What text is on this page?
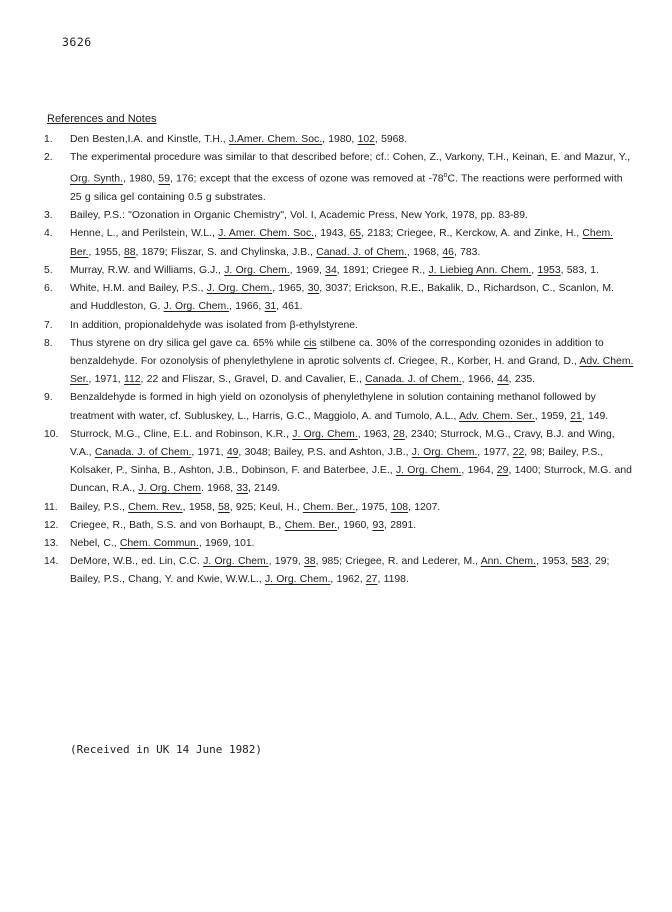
3626
References and Notes
1.	Den Besten,I.A. and Kinstle, T.H., J.Amer. Chem. Soc., 1980, 102, 5968.
2.	The experimental procedure was similar to that described before; cf.: Cohen, Z., Varkony, T.H., Keinan, E. and Mazur, Y., Org. Synth., 1980, 59, 176; except that the excess of ozone was removed at -78$^o$C. The reactions were performed with 25 g silica gel containing 0.5 g substrates.
3.	Bailey, P.S.: "Ozonation in Organic Chemistry", Vol. I, Academic Press, New York, 1978, pp. 83-89.
4.	Henne, L., and Perilstein, W.L., J. Amer. Chem. Soc., 1943, 65, 2183; Criegee, R., Kerckow, A. and Zinke, H., Chem. Ber., 1955, 88, 1879; Fliszar, S. and Chylinska, J.B., Canad. J. of Chem., 1968, 46, 783.
5.	Murray, R.W. and Williams, G.J., J. Org. Chem., 1969, 34, 1891; Criegee R., J. Liebieg Ann. Chem., 1953, 583, 1.
6.	White, H.M. and Bailey, P.S., J. Org. Chem., 1965, 30, 3037; Erickson, R.E., Bakalik, D., Richardson, C., Scanlon, M. and Huddleston, G. J. Org. Chem., 1966, 31, 461.
7.	In addition, propionaldehyde was isolated from β-ethylstyrene.
8.	Thus styrene on dry silica gel gave ca. 65% while cis stilbene ca. 30% of the corresponding ozonides in addition to benzaldehyde. For ozonolysis of phenylethylene in aprotic solvents cf. Criegee, R., Korber, H. and Grand, D., Adv. Chem. Ser., 1971, 112, 22 and Fliszar, S., Gravel, D. and Cavalier, E., Canada. J. of Chem., 1966, 44, 235.
9.	Benzaldehyde is formed in high yield on ozonolysis of phenylethylene in solution containing methanol followed by treatment with water, cf. Subluskey, L., Harris, G.C., Maggiolo, A. and Tumolo, A.L., Adv. Chem. Ser., 1959, 21, 149.
10.	Sturrock, M.G., Cline, E.L. and Robinson, K.R., J. Org. Chem., 1963, 28, 2340; Sturrock, M.G., Cravy, B.J. and Wing, V.A., Canada. J. of Chem., 1971, 49, 3048; Bailey, P.S. and Ashton, J.B., J. Org. Chem., 1977, 22, 98; Bailey, P.S., Kolsaker, P., Sinha, B., Ashton, J.B., Dobinson, F. and Baterbee, J.E., J. Org. Chem., 1964, 29, 1400; Sturrock, M.G. and Duncan, R.A., J. Org. Chem. 1968, 33, 2149.
11.	Bailey, P.S., Chem. Rev., 1958, 58, 925; Keul, H., Chem. Ber., 1975, 108, 1207.
12.	Criegee, R., Bath, S.S. and von Borhaupt, B., Chem. Ber., 1960, 93, 2891.
13.	Nebel, C., Chem. Commun., 1969, 101.
14.	DeMore, W.B., ed. Lin, C.C. J. Org. Chem., 1979, 38, 985; Criegee, R. and Lederer, M., Ann. Chem., 1953, 583, 29; Bailey, P.S., Chang, Y. and Kwie, W.W.L., J. Org. Chem., 1962, 27, 1198.
(Received in UK 14 June 1982)
